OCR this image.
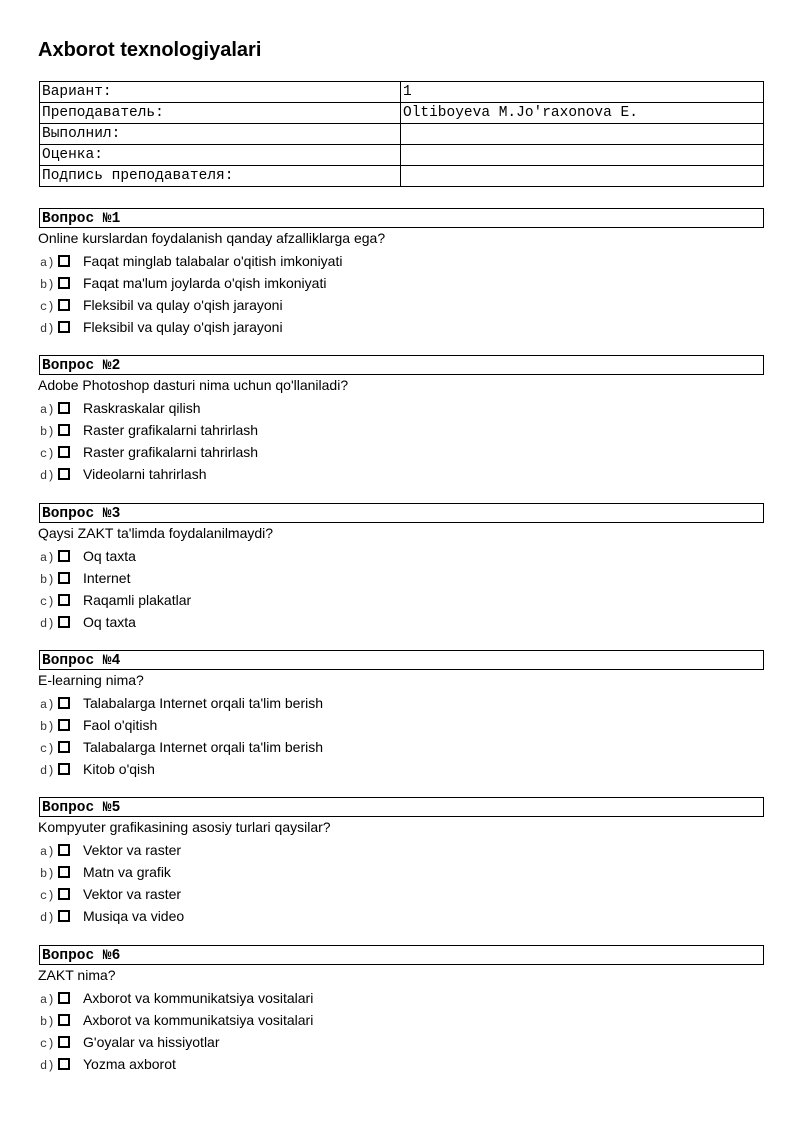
Axborot texnologiyalari
Вариант:	1
Преподаватель:	Oltiboyeva M.Jo'raxonova E.
Выполнил:	
Оценка:	
Подпись преподавателя:	
Вопрос №1
Online kurslardan foydalanish qanday afzalliklarga ega?
a) Faqat minglab talabalar o'qitish imkoniyati
b) Faqat ma'lum joylarda o'qish imkoniyati
c) Fleksibil va qulay o'qish jarayoni
d) Fleksibil va qulay o'qish jarayoni
Вопрос №2
Adobe Photoshop dasturi nima uchun qo'llaniladi?
a) Raskraskalar qilish
b) Raster grafikalarni tahrirlash
c) Raster grafikalarni tahrirlash
d) Videolarni tahrirlash
Вопрос №3
Qaysi ZAKT ta'limda foydalanilmaydi?
a) Oq taxta
b) Internet
c) Raqamli plakatlar
d) Oq taxta
Вопрос №4
E-learning nima?
a) Talabalarga Internet orqali ta'lim berish
b) Faol o'qitish
c) Talabalarga Internet orqali ta'lim berish
d) Kitob o'qish
Вопрос №5
Kompyuter grafikasining asosiy turlari qaysilar?
a) Vektor va raster
b) Matn va grafik
c) Vektor va raster
d) Musiqa va video
Вопрос №6
ZAKT nima?
a) Axborot va kommunikatsiya vositalari
b) Axborot va kommunikatsiya vositalari
c) G'oyalar va hissiyotlar
d) Yozma axborot
